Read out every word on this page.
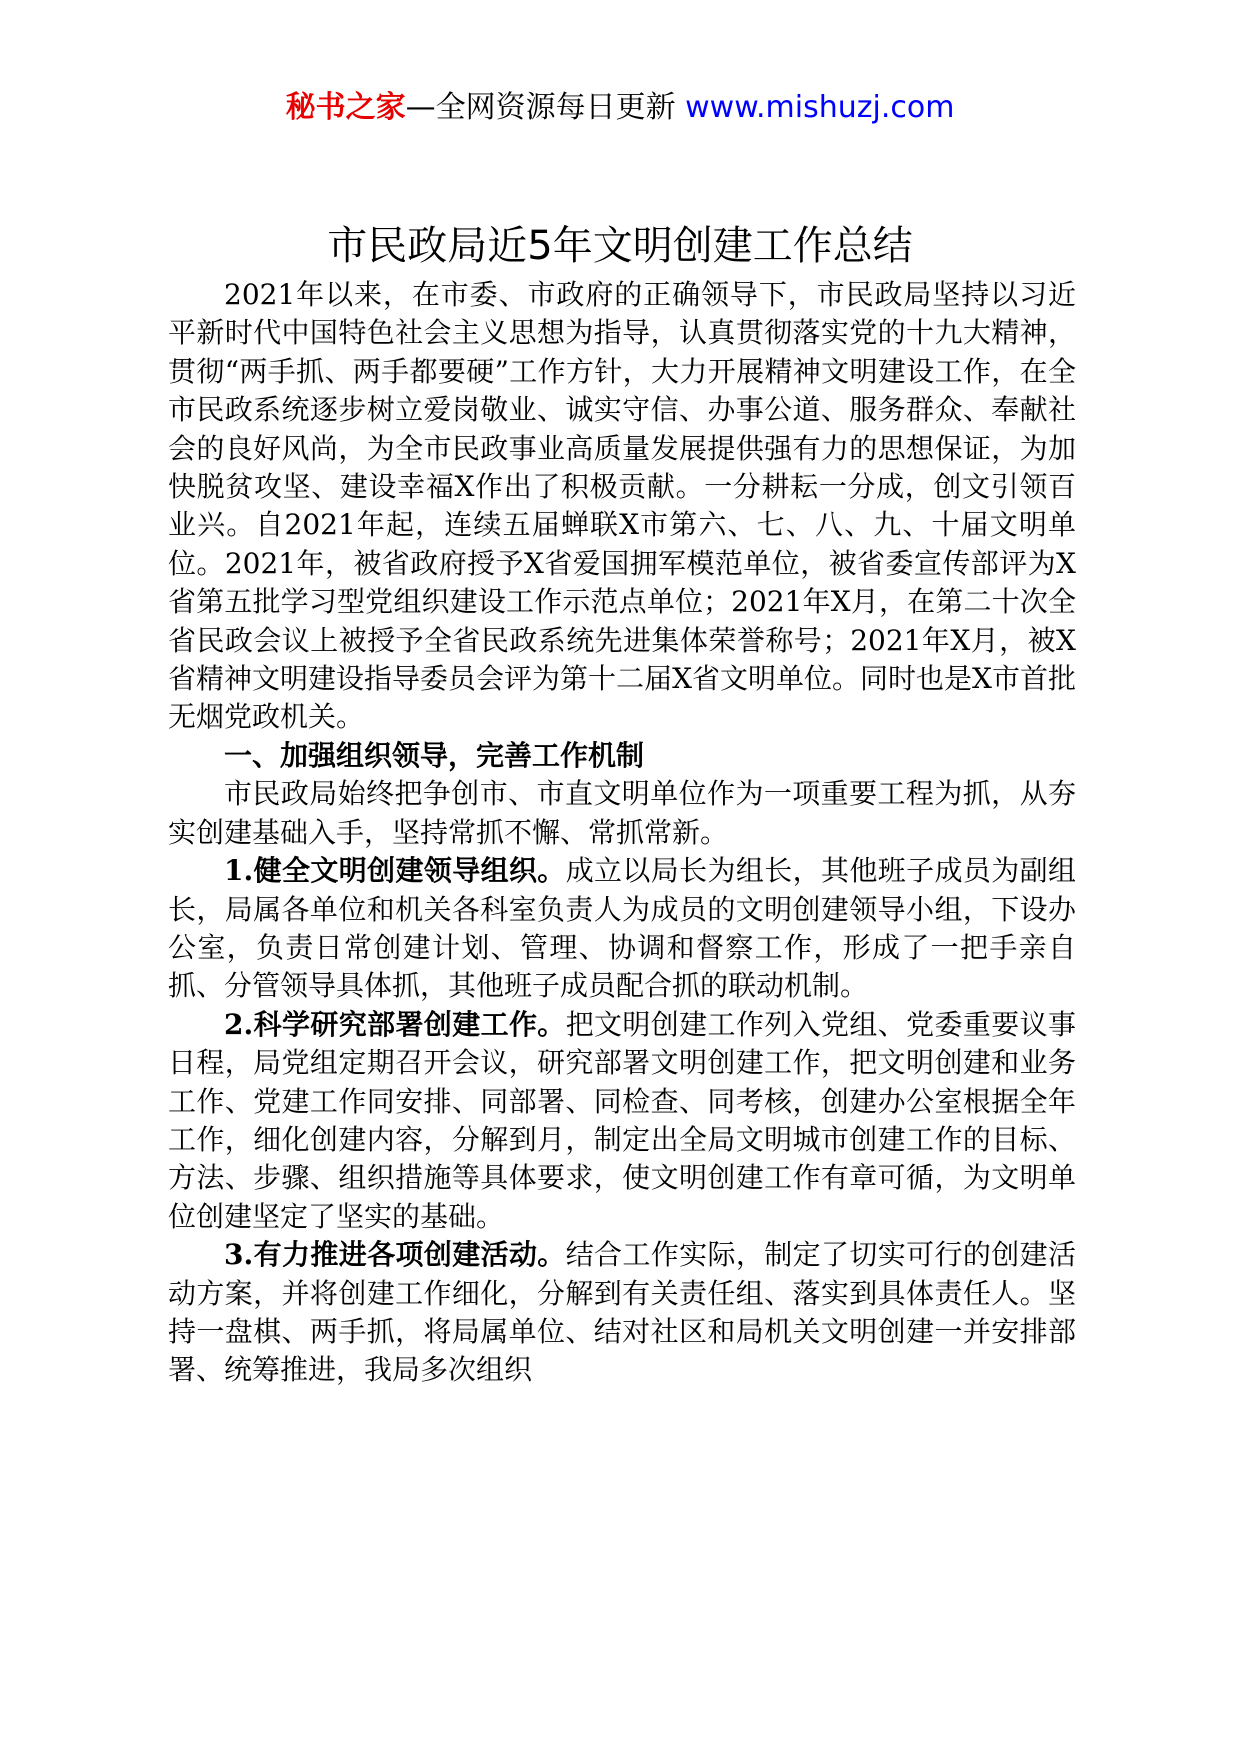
秘书之家—全网资源每日更新 www.mishuzj.com
市民政局近5年文明创建工作总结

2021年以来，在市委、市政府的正确领导下，市民政局坚持以习近平新时代中国特色社会主义思想为指导，认真贯彻落实党的十九大精神，贯彻“两手抓、两手都要硬”工作方针，大力开展精神文明建设工作，在全市民政系统逐步树立爱岗敬业、诚实守信、办事公道、服务群众、奉献社会的良好风尚，为全市民政事业高质量发展提供强有力的思想保证，为加快脱贫攻坚、建设幸福X作出了积极贡献。一分耕耘一分成，创文引领百业兴。自2021年起，连续五届蝉联X市第六、七、八、九、十届文明单位。2021年，被省政府授予X省爱国拥军模范单位，被省委宣传部评为X省第五批学习型党组织建设工作示范点单位；2021年X月，在第二十次全省民政会议上被授予全省民政系统先进集体荣誉称号；2021年X月，被X省精神文明建设指导委员会评为第十二届X省文明单位。同时也是X市首批无烟党政机关。

一、加强组织领导，完善工作机制

市民政局始终把争创市、市直文明单位作为一项重要工程为抓，从夯实创建基础入手，坚持常抓不懈、常抓常新。

1.健全文明创建领导组织。成立以局长为组长，其他班子成员为副组长，局属各单位和机关各科室负责人为成员的文明创建领导小组，下设办公室，负责日常创建计划、管理、协调和督察工作，形成了一把手亲自抓、分管领导具体抓，其他班子成员配合抓的联动机制。

2.科学研究部署创建工作。把文明创建工作列入党组、党委重要议事日程，局党组定期召开会议，研究部署文明创建工作，把文明创建和业务工作、党建工作同安排、同部署、同检查、同考核，创建办公室根据全年工作，细化创建内容，分解到月，制定出全局文明城市创建工作的目标、方法、步骤、组织措施等具体要求，使文明创建工作有章可循，为文明单位创建坚定了坚实的基础。

3.有力推进各项创建活动。结合工作实际，制定了切实可行的创建活动方案，并将创建工作细化，分解到有关责任组、落实到具体责任人。坚持一盘棋、两手抓，将局属单位、结对社区和局机关文明创建一并安排部署、统筹推进，我局多次组织
